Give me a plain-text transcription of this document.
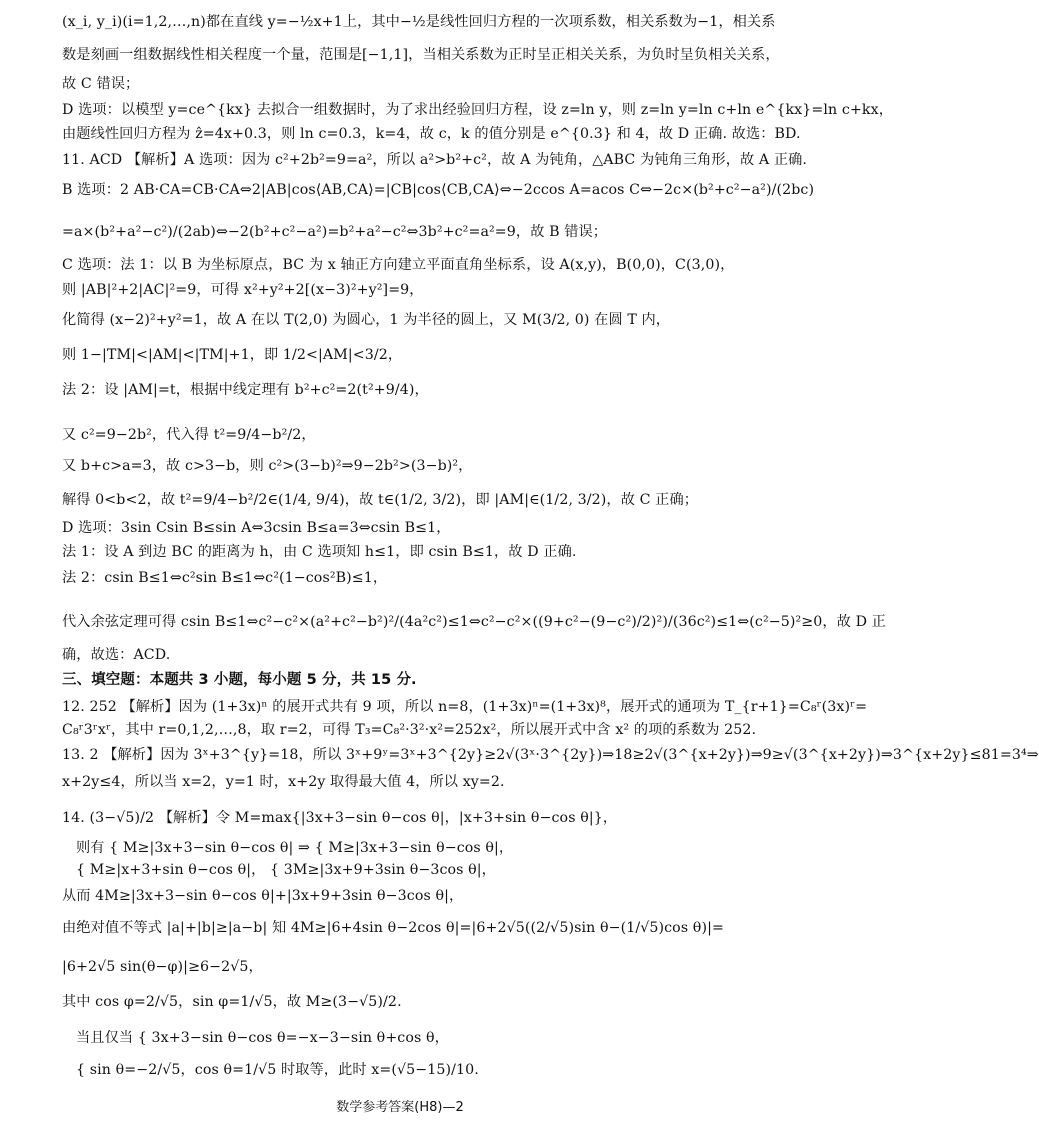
(x_i, y_i)(i=1,2,…,n)都在直线 y=−½x+1上，其中−½是线性回归方程的一次项系数，相关系数为−1，相关系
数是刻画一组数据线性相关程度一个量，范围是[−1,1]，当相关系数为正时呈正相关关系，为负时呈负相关关系，
故 C 错误；
D 选项：以模型 y=ce^{kx} 去拟合一组数据时，为了求出经验回归方程，设 z=ln y，则 z=ln y=ln c+ln e^{kx}=ln c+kx，
由题线性回归方程为 ẑ=4x+0.3，则 ln c=0.3，k=4，故 c，k 的值分别是 e^{0.3} 和 4，故 D 正确. 故选：BD.
11. ACD 【解析】A 选项：因为 c²+2b²=9=a²，所以 a²>b²+c²，故 A 为钝角，△ABC 为钝角三角形，故 A 正确.
B 选项：2 AB·CA=CB·CA⇔2|AB|cos⟨AB,CA⟩=|CB|cos⟨CB,CA⟩⇔−2ccos A=acos C⇔−2c×(b²+c²−a²)/(2bc)
=a×(b²+a²−c²)/(2ab)⇔−2(b²+c²−a²)=b²+a²−c²⇔3b²+c²=a²=9，故 B 错误；
C 选项：法 1：以 B 为坐标原点，BC 为 x 轴正方向建立平面直角坐标系，设 A(x,y)，B(0,0)，C(3,0)，
则 |AB|²+2|AC|²=9，可得 x²+y²+2[(x−3)²+y²]=9，
化简得 (x−2)²+y²=1，故 A 在以 T(2,0) 为圆心，1 为半径的圆上，又 M(3/2, 0) 在圆 T 内，
则 1−|TM|<|AM|<|TM|+1，即 1/2<|AM|<3/2，
法 2：设 |AM|=t，根据中线定理有 b²+c²=2(t²+9/4)，
又 c²=9−2b²，代入得 t²=9/4−b²/2，
又 b+c>a=3，故 c>3−b，则 c²>(3−b)²⇒9−2b²>(3−b)²，
解得 0<b<2，故 t²=9/4−b²/2∈(1/4, 9/4)，故 t∈(1/2, 3/2)，即 |AM|∈(1/2, 3/2)，故 C 正确；
D 选项：3sin Csin B≤sin A⇔3csin B≤a=3⇔csin B≤1，
法 1：设 A 到边 BC 的距离为 h，由 C 选项知 h≤1，即 csin B≤1，故 D 正确.
法 2：csin B≤1⇔c²sin B≤1⇔c²(1−cos²B)≤1，
代入余弦定理可得 csin B≤1⇔c²−c²×(a²+c²−b²)²/(4a²c²)≤1⇔c²−c²×((9+c²−(9−c²)/2)²)/(36c²)≤1⇔(c²−5)²≥0，故 D 正
确，故选：ACD.
三、填空题：本题共 3 小题，每小题 5 分，共 15 分.
12. 252 【解析】因为 (1+3x)ⁿ 的展开式共有 9 项，所以 n=8，(1+3x)ⁿ=(1+3x)⁸，展开式的通项为 T_{r+1}=C₈ʳ(3x)ʳ=
C₈ʳ3ʳxʳ，其中 r=0,1,2,…,8，取 r=2，可得 T₃=C₈²·3²·x²=252x²，所以展开式中含 x² 的项的系数为 252.
13. 2 【解析】因为 3ˣ+3^{y}=18，所以 3ˣ+9ʸ=3ˣ+3^{2y}≥2√(3ˣ·3^{2y})⇒18≥2√(3^{x+2y})⇒9≥√(3^{x+2y})⇒3^{x+2y}≤81=3⁴⇒
x+2y≤4，所以当 x=2，y=1 时，x+2y 取得最大值 4，所以 xy=2.
14. (3−√5)/2 【解析】令 M=max{|3x+3−sin θ−cos θ|，|x+3+sin θ−cos θ|}，
则有 { M≥|3x+3−sin θ−cos θ| ⇒ { M≥|3x+3−sin θ−cos θ|，
{ M≥|x+3+sin θ−cos θ|， { 3M≥|3x+9+3sin θ−3cos θ|，
从而 4M≥|3x+3−sin θ−cos θ|+|3x+9+3sin θ−3cos θ|，
由绝对值不等式 |a|+|b|≥|a−b| 知 4M≥|6+4sin θ−2cos θ|=|6+2√5((2/√5)sin θ−(1/√5)cos θ)|=
|6+2√5 sin(θ−φ)|≥6−2√5，
其中 cos φ=2/√5，sin φ=1/√5，故 M≥(3−√5)/2.
当且仅当 { 3x+3−sin θ−cos θ=−x−3−sin θ+cos θ，
{ sin θ=−2/√5，cos θ=1/√5 时取等，此时 x=(√5−15)/10.
数学参考答案(H8)—2
